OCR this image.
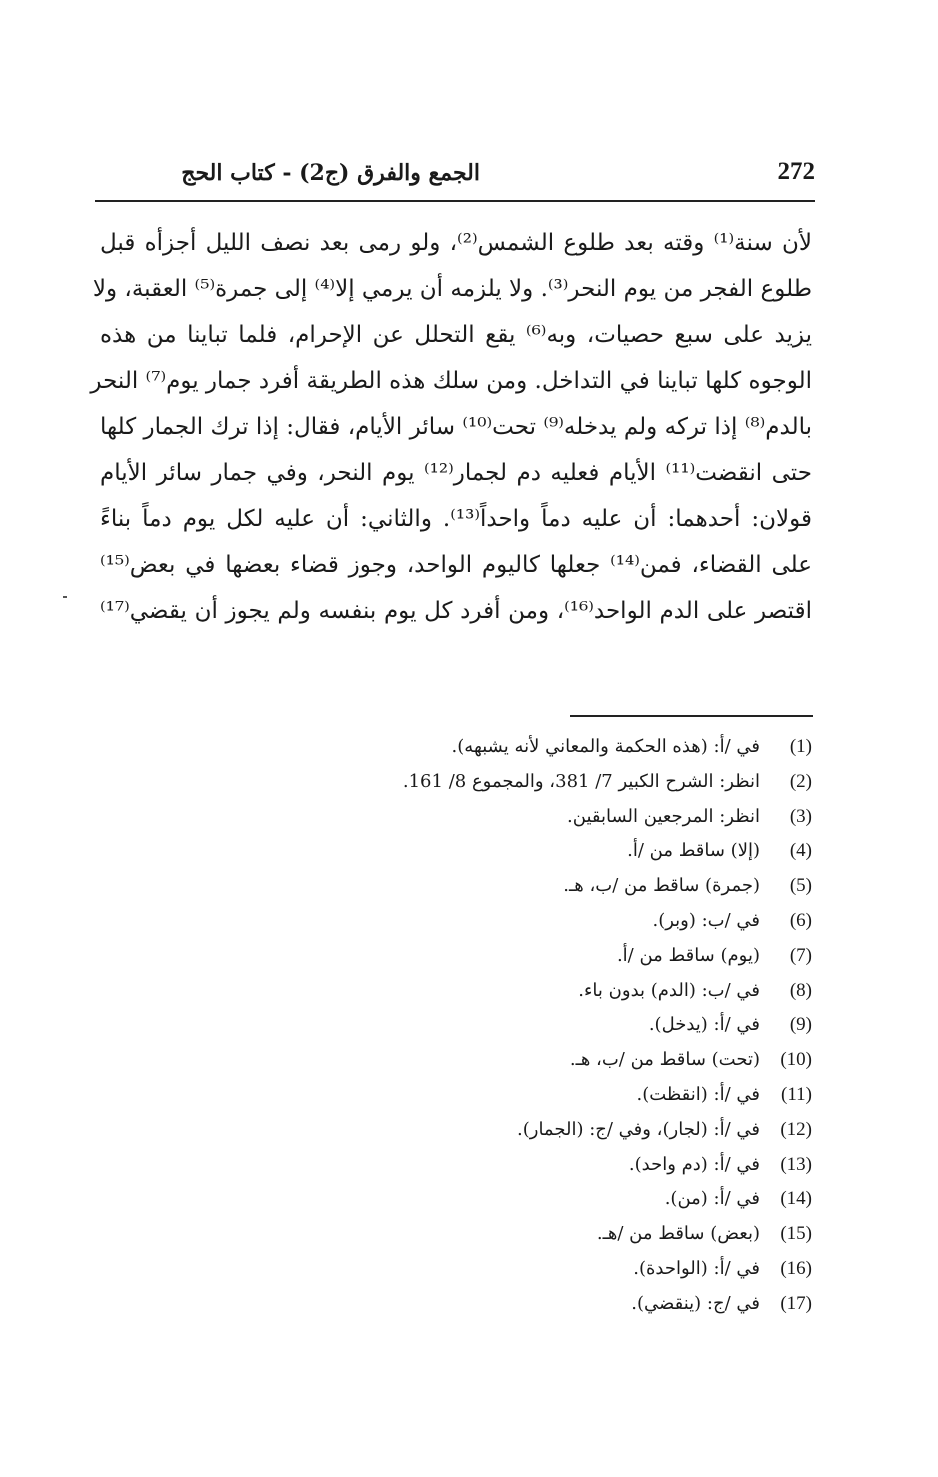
الجمع والفرق (ج2) - كتاب الحج	272
لأن سنة⁽¹⁾ وقته بعد طلوع الشمس⁽²⁾، ولو رمى بعد نصف الليل أجزأه قبل
طلوع الفجر من يوم النحر⁽³⁾. ولا يلزمه أن يرمي إلا⁽⁴⁾ إلى جمرة⁽⁵⁾ العقبة، ولا
يزيد على سبع حصيات، وبه⁽⁶⁾ يقع التحلل عن الإحرام، فلما تباينا من هذه
الوجوه كلها تباينا في التداخل. ومن سلك هذه الطريقة أفرد جمار يوم⁽⁷⁾ النحر
بالدم⁽⁸⁾ إذا تركه ولم يدخله⁽⁹⁾ تحت⁽¹⁰⁾ سائر الأيام، فقال: إذا ترك الجمار كلها
حتى انقضت⁽¹¹⁾ الأيام فعليه دم لجمار⁽¹²⁾ يوم النحر، وفي جمار سائر الأيام
قولان: أحدهما: أن عليه دماً واحداً⁽¹³⁾. والثاني: أن عليه لكل يوم دماً بناءً
على القضاء، فمن⁽¹⁴⁾ جعلها كاليوم الواحد، وجوز قضاء بعضها في بعض⁽¹⁵⁾
اقتصر على الدم الواحد⁽¹⁶⁾، ومن أفرد كل يوم بنفسه ولم يجوز أن يقضي⁽¹⁷⁾
(1)في /أ: (هذه الحكمة والمعاني لأنه يشبهه).
(2)انظر: الشرح الكبير 7/ 381، والمجموع 8/ 161.
(3)انظر: المرجعين السابقين.
(4)(إلا) ساقط من /أ.
(5)(جمرة) ساقط من /ب، هـ.
(6)في /ب: (وبر).
(7)(يوم) ساقط من /أ.
(8)في /ب: (الدم) بدون باء.
(9)في /أ: (يدخل).
(10)(تحت) ساقط من /ب، هـ.
(11)في /أ: (انقظت).
(12)في /أ: (لجار)، وفي /ج: (الجمار).
(13)في /أ: (دم واحد).
(14)في /أ: (من).
(15)(بعض) ساقط من /هـ.
(16)في /أ: (الواحدة).
(17)في /ج: (ينقضي).
